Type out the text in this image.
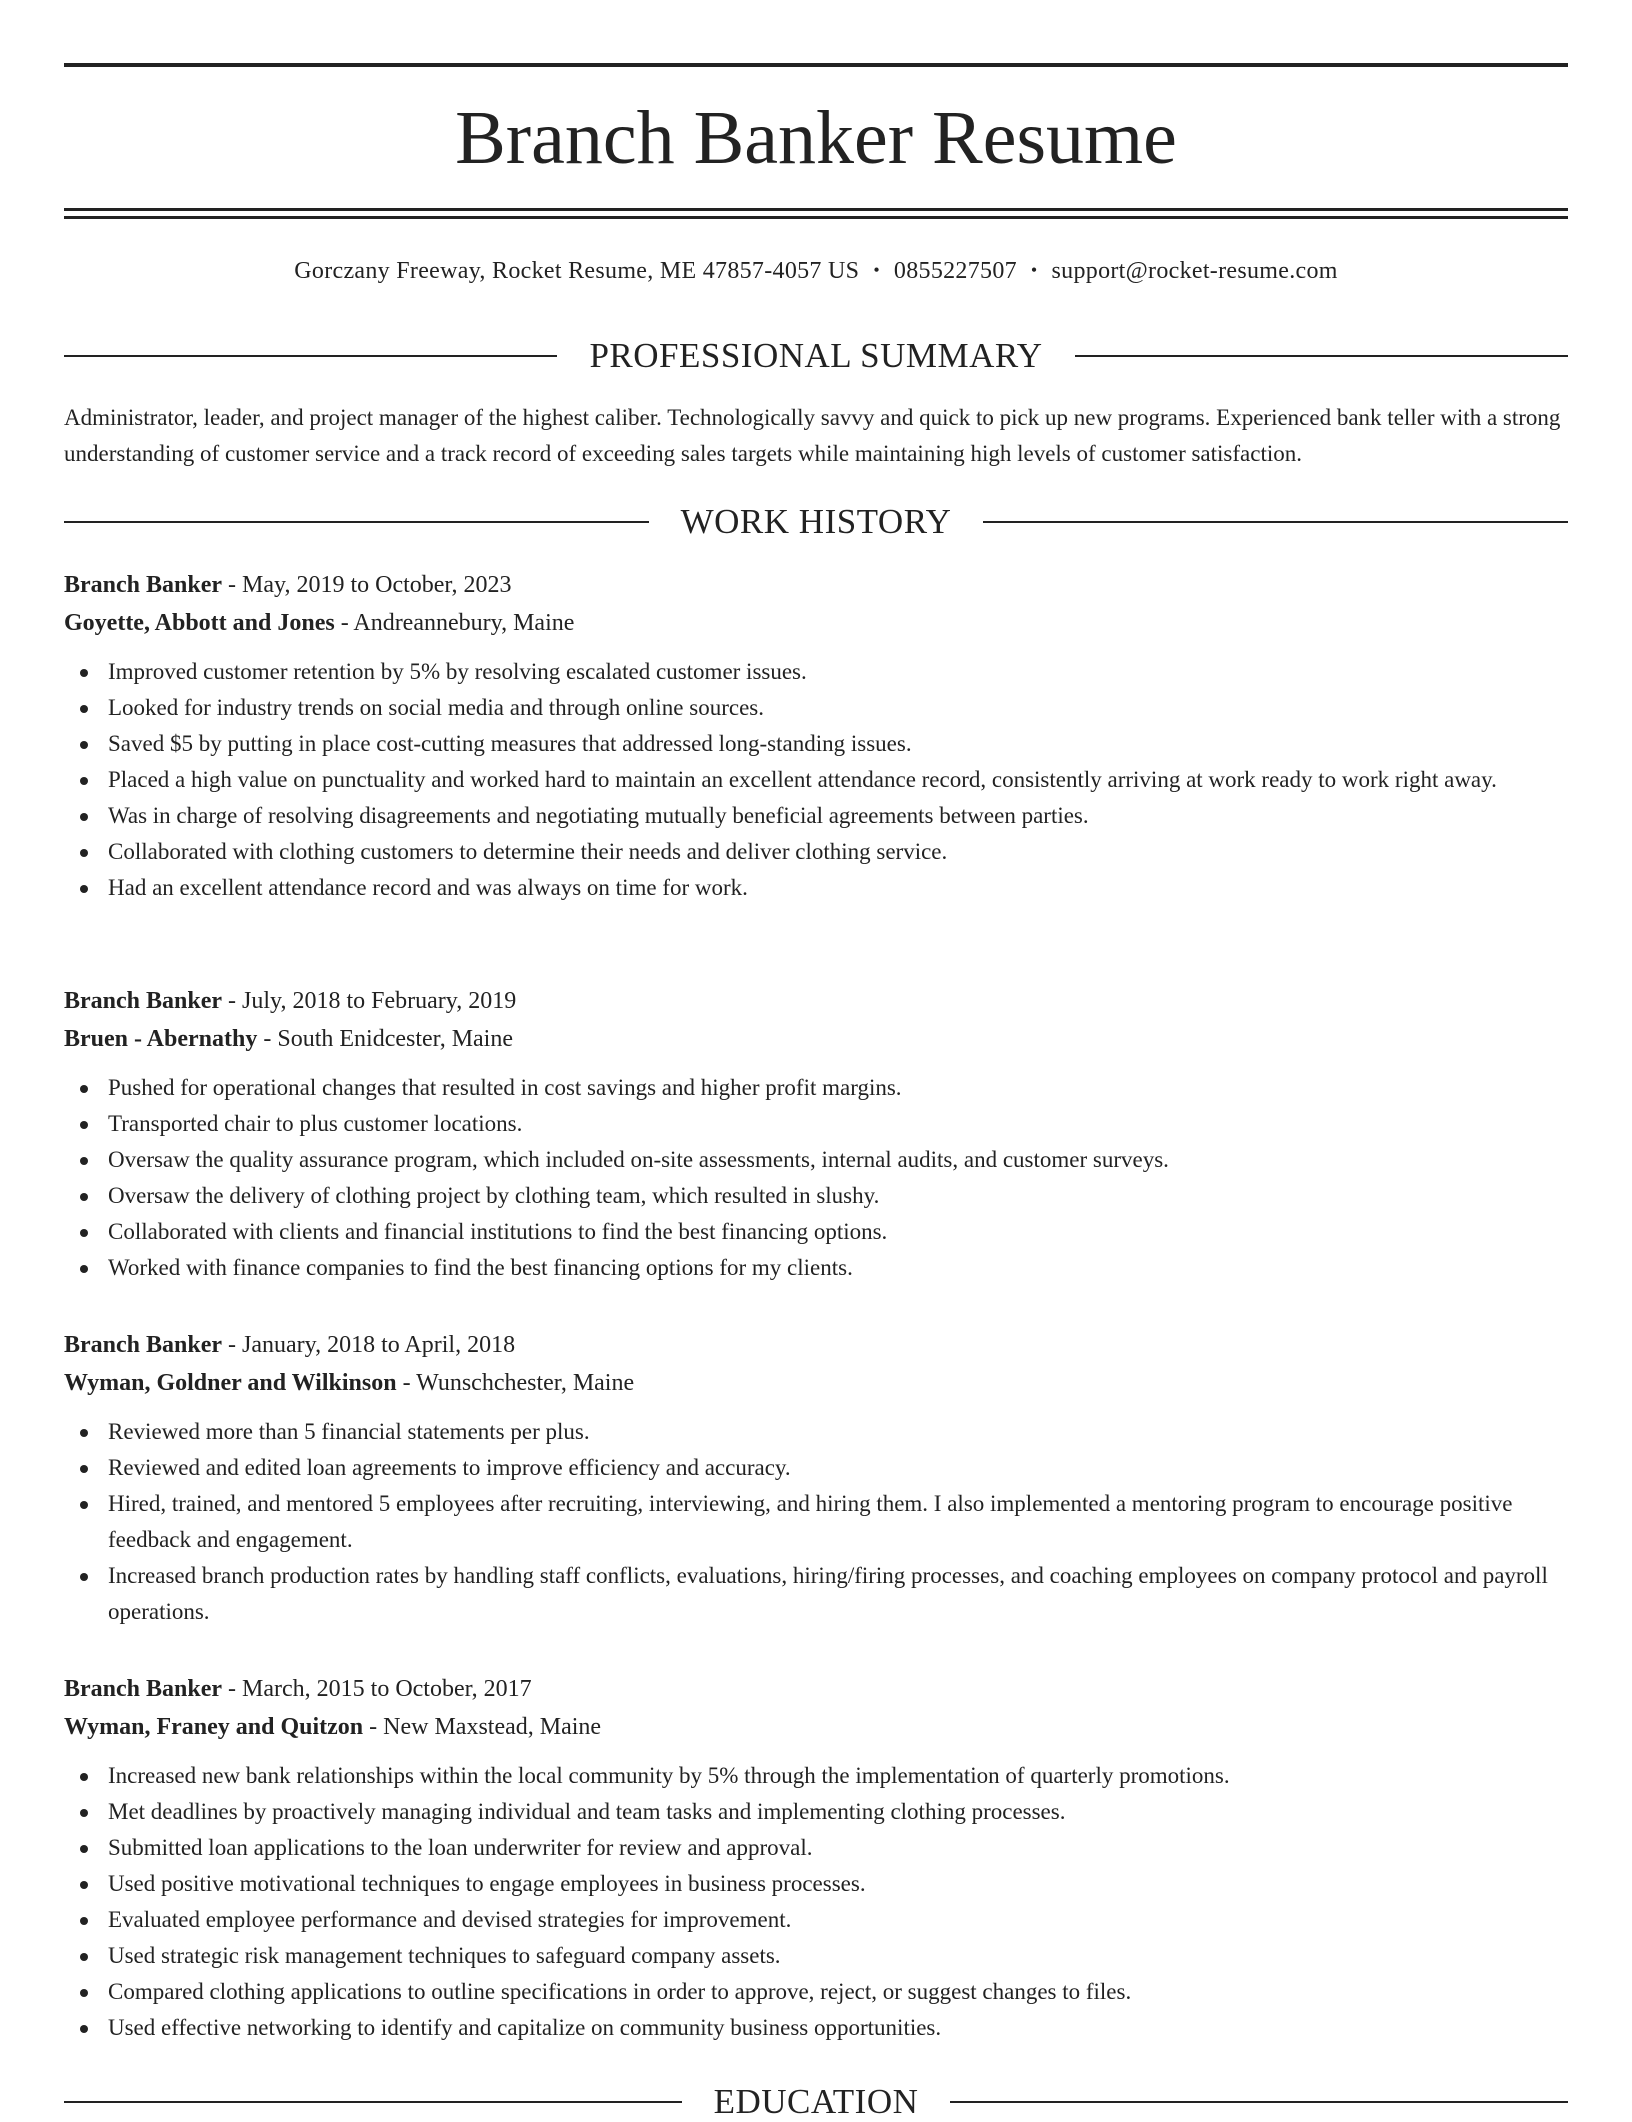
Branch Banker Resume
Gorczany Freeway, Rocket Resume, ME 47857-4057 US • 0855227507 • support@rocket-resume.com
PROFESSIONAL SUMMARY

Administrator, leader, and project manager of the highest caliber. Technologically savvy and quick to pick up new programs. Experienced bank teller with a strong understanding of customer service and a track record of exceeding sales targets while maintaining high levels of customer satisfaction.

WORK HISTORY

Branch Banker - May, 2019 to October, 2023

Goyette, Abbott and Jones - Andreannebury, Maine

Improved customer retention by 5% by resolving escalated customer issues.
Looked for industry trends on social media and through online sources.
Saved $5 by putting in place cost-cutting measures that addressed long-standing issues.
Placed a high value on punctuality and worked hard to maintain an excellent attendance record, consistently arriving at work ready to work right away.
Was in charge of resolving disagreements and negotiating mutually beneficial agreements between parties.
Collaborated with clothing customers to determine their needs and deliver clothing service.
Had an excellent attendance record and was always on time for work.

Branch Banker - July, 2018 to February, 2019

Bruen - Abernathy - South Enidcester, Maine

Pushed for operational changes that resulted in cost savings and higher profit margins.
Transported chair to plus customer locations.
Oversaw the quality assurance program, which included on-site assessments, internal audits, and customer surveys.
Oversaw the delivery of clothing project by clothing team, which resulted in slushy.
Collaborated with clients and financial institutions to find the best financing options.
Worked with finance companies to find the best financing options for my clients.

Branch Banker - January, 2018 to April, 2018

Wyman, Goldner and Wilkinson - Wunschchester, Maine

Reviewed more than 5 financial statements per plus.
Reviewed and edited loan agreements to improve efficiency and accuracy.
Hired, trained, and mentored 5 employees after recruiting, interviewing, and hiring them. I also implemented a mentoring program to encourage positive feedback and engagement.
Increased branch production rates by handling staff conflicts, evaluations, hiring/firing processes, and coaching employees on company protocol and payroll operations.

Branch Banker - March, 2015 to October, 2017

Wyman, Franey and Quitzon - New Maxstead, Maine

Increased new bank relationships within the local community by 5% through the implementation of quarterly promotions.
Met deadlines by proactively managing individual and team tasks and implementing clothing processes.
Submitted loan applications to the loan underwriter for review and approval.
Used positive motivational techniques to engage employees in business processes.
Evaluated employee performance and devised strategies for improvement.
Used strategic risk management techniques to safeguard company assets.
Compared clothing applications to outline specifications in order to approve, reject, or suggest changes to files.
Used effective networking to identify and capitalize on community business opportunities.
EDUCATION
